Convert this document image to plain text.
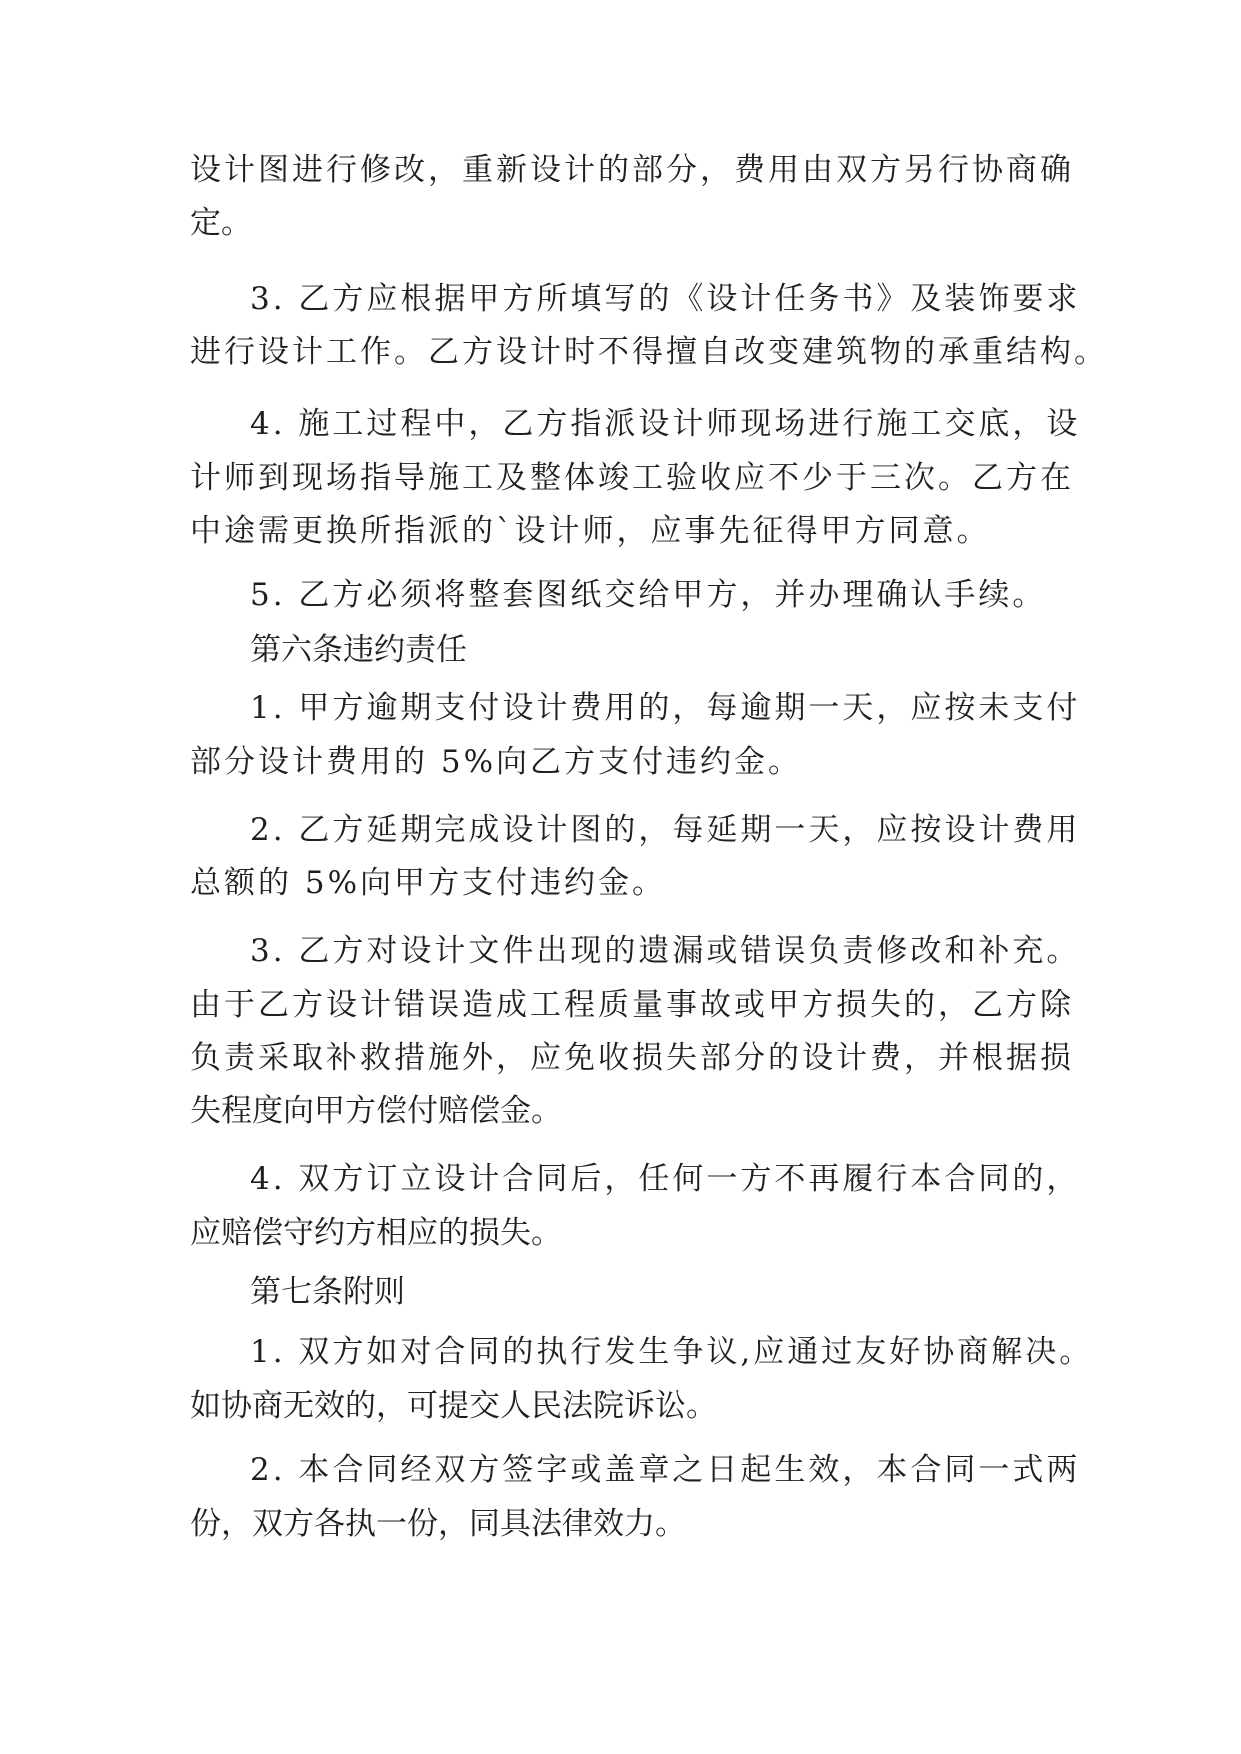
设计图进行修改，重新设计的部分，费用由双方另行协商确
定。
3. 乙方应根据甲方所填写的《设计任务书》及装饰要求
进行设计工作。乙方设计时不得擅自改变建筑物的承重结构。
4. 施工过程中，乙方指派设计师现场进行施工交底，设
计师到现场指导施工及整体竣工验收应不少于三次。乙方在
中途需更换所指派的`设计师，应事先征得甲方同意。
5. 乙方必须将整套图纸交给甲方，并办理确认手续。
第六条违约责任
1. 甲方逾期支付设计费用的，每逾期一天，应按未支付
部分设计费用的 5%向乙方支付违约金。
2. 乙方延期完成设计图的，每延期一天，应按设计费用
总额的 5%向甲方支付违约金。
3. 乙方对设计文件出现的遗漏或错误负责修改和补充。
由于乙方设计错误造成工程质量事故或甲方损失的，乙方除
负责采取补救措施外，应免收损失部分的设计费，并根据损
失程度向甲方偿付赔偿金。
4. 双方订立设计合同后，任何一方不再履行本合同的，
应赔偿守约方相应的损失。
第七条附则
1. 双方如对合同的执行发生争议,应通过友好协商解决。
如协商无效的，可提交人民法院诉讼。
2. 本合同经双方签字或盖章之日起生效，本合同一式两
份，双方各执一份，同具法律效力。
